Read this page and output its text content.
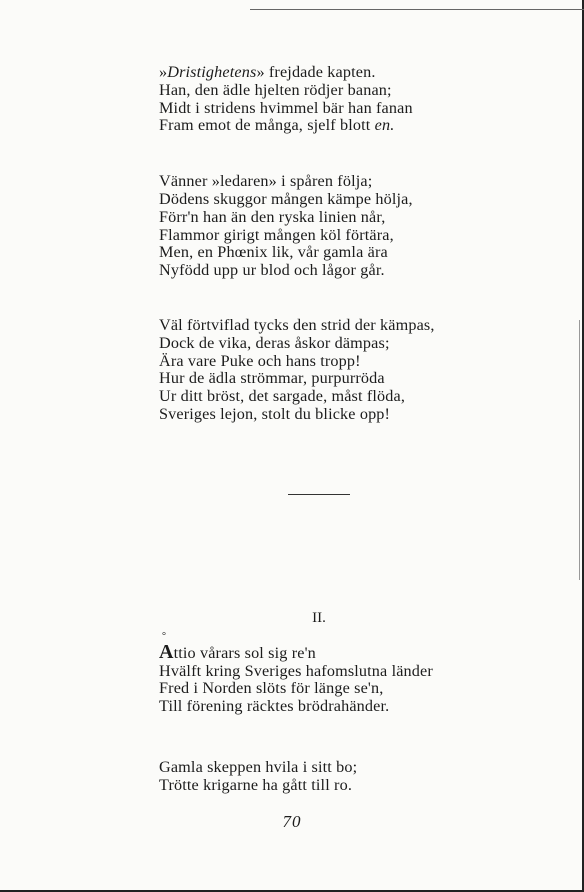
»Dristighetens» frejdade kapten.
Han, den ädle hjelten rödjer banan;
Midt i stridens hvimmel bär han fanan
Fram emot de många, sjelf blott en.
Vänner »ledaren» i spåren följa;
Dödens skuggor mången kämpe hölja,
Förr'n han än den ryska linien når,
Flammor girigt mången köl förtära,
Men, en Phœnix lik, vår gamla ära
Nyfödd upp ur blod och lågor går.
Väl förtviflad tycks den strid der kämpas,
Dock de vika, deras åskor dämpas;
Ära vare Puke och hans tropp!
Hur de ädla strömmar, purpurröda
Ur ditt bröst, det sargade, måst flöda,
Sveriges lejon, stolt du blicke opp!
II.
°
Attio vårars sol sig re'n
Hvälft kring Sveriges hafomslutna länder
Fred i Norden slöts för länge se'n,
Till förening räcktes brödrahänder.
Gamla skeppen hvila i sitt bo;
Trötte krigarne ha gått till ro.
70
